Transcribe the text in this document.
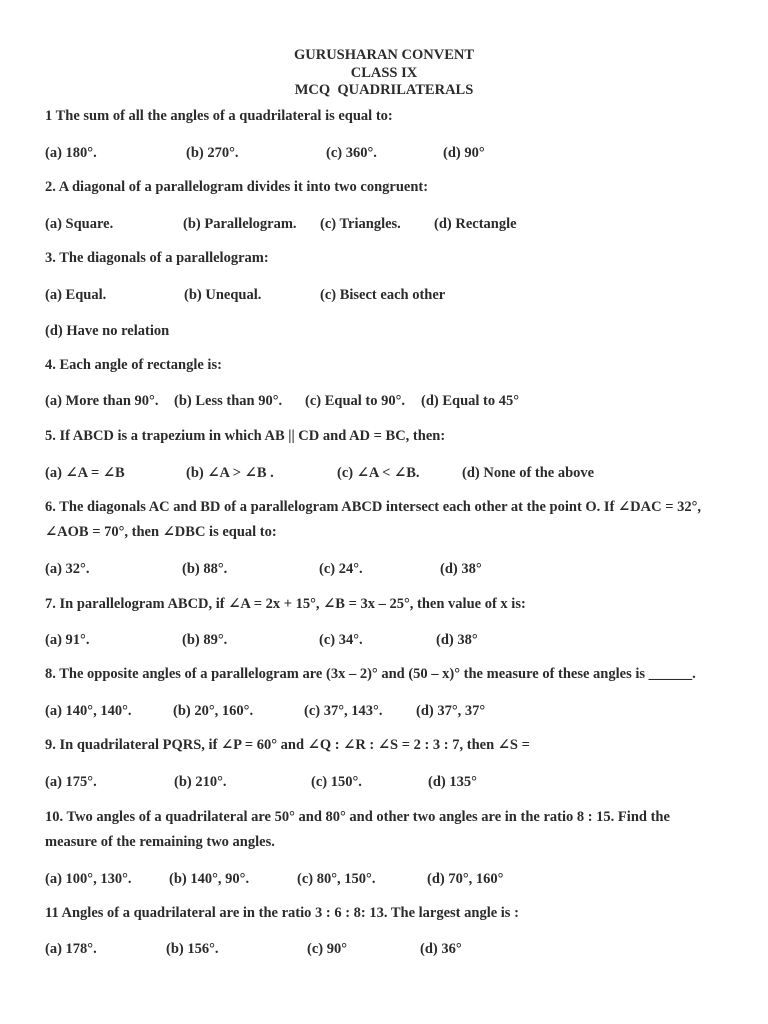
GURUSHARAN CONVENT
CLASS IX
MCQ  QUADRILATERALS
1 The sum of all the angles of a quadrilateral is equal to:
(a) 180°.	(b) 270°.	(c) 360°.	(d) 90°
2. A diagonal of a parallelogram divides it into two congruent:
(a) Square.	(b) Parallelogram. (c) Triangles. (d) Rectangle
3. The diagonals of a parallelogram:
(a) Equal.	(b) Unequal.	(c) Bisect each other
(d) Have no relation
4. Each angle of rectangle is:
(a) More than 90°. (b) Less than 90°. (c) Equal to 90°. (d) Equal to 45°
5. If ABCD is a trapezium in which AB || CD and AD = BC, then:
(a) ∠A = ∠B	(b) ∠A > ∠B .	(c) ∠A < ∠B.	(d) None of the above
6. The diagonals AC and BD of a parallelogram ABCD intersect each other at the point O. If ∠DAC = 32°, ∠AOB = 70°, then ∠DBC is equal to:
(a) 32°.	(b) 88°.	(c) 24°.	(d) 38°
7. In parallelogram ABCD, if ∠A = 2x + 15°, ∠B = 3x – 25°, then value of x is:
(a) 91°.	(b) 89°.	(c) 34°.	(d) 38°
8. The opposite angles of a parallelogram are (3x – 2)° and (50 – x)° the measure of these angles is ______.
(a) 140°, 140°.	(b) 20°, 160°.	(c) 37°, 143°. (d) 37°, 37°
9. In quadrilateral PQRS, if ∠P = 60° and ∠Q : ∠R : ∠S = 2 : 3 : 7, then ∠S =
(a) 175°.	(b) 210°.	(c) 150°.	(d) 135°
10. Two angles of a quadrilateral are 50° and 80° and other two angles are in the ratio 8 : 15. Find the measure of the remaining two angles.
(a) 100°, 130°.	(b) 140°, 90°.	(c) 80°, 150°.	(d) 70°, 160°
11 Angles of a quadrilateral are in the ratio 3 : 6 : 8: 13. The largest angle is :
(a) 178°.	(b) 156°.	(c) 90°	(d) 36°
